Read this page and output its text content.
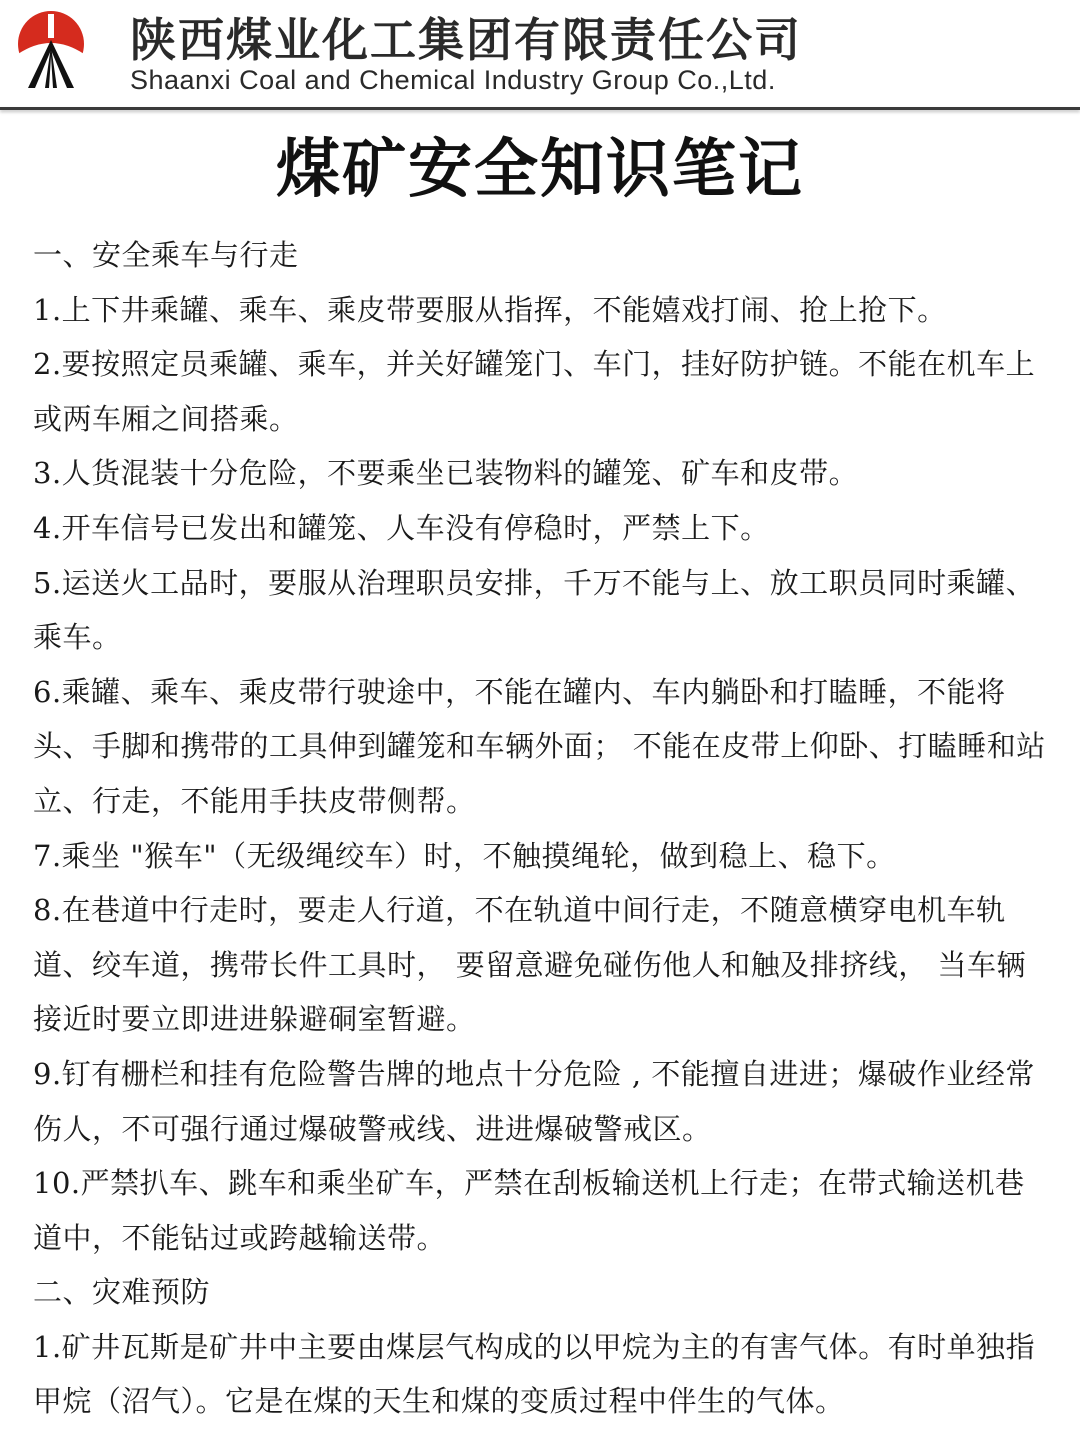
陕西煤业化工集团有限责任公司
Shaanxi Coal and Chemical Industry Group Co.,Ltd.
煤矿安全知识笔记

一、安全乘车与行走

1.上下井乘罐、乘车、乘皮带要服从指挥，不能嬉戏打闹、抢上抢下。

2.要按照定员乘罐、乘车，并关好罐笼门、车门，挂好防护链。不能在机车上或两车厢之间搭乘。

3.人货混装十分危险，不要乘坐已装物料的罐笼、矿车和皮带。

4.开车信号已发出和罐笼、人车没有停稳时，严禁上下。

5.运送火工品时，要服从治理职员安排，千万不能与上、放工职员同时乘罐、乘车。

6.乘罐、乘车、乘皮带行驶途中，不能在罐内、车内躺卧和打瞌睡，不能将头、手脚和携带的工具伸到罐笼和车辆外面； 不能在皮带上仰卧、打瞌睡和站立、行走，不能用手扶皮带侧帮。

7.乘坐 "猴车"（无级绳绞车）时，不触摸绳轮，做到稳上、稳下。

8.在巷道中行走时，要走人行道，不在轨道中间行走，不随意横穿电机车轨道、绞车道，携带长件工具时， 要留意避免碰伤他人和触及排挤线， 当车辆接近时要立即进进躲避硐室暂避。

9.钉有栅栏和挂有危险警告牌的地点十分危险 , 不能擅自进进；爆破作业经常伤人，不可强行通过爆破警戒线、进进爆破警戒区。

10.严禁扒车、跳车和乘坐矿车，严禁在刮板输送机上行走；在带式输送机巷道中，不能钻过或跨越输送带。

二、灾难预防

1.矿井瓦斯是矿井中主要由煤层气构成的以甲烷为主的有害气体。有时单独指甲烷（沼气）。它是在煤的天生和煤的变质过程中伴生的气体。
